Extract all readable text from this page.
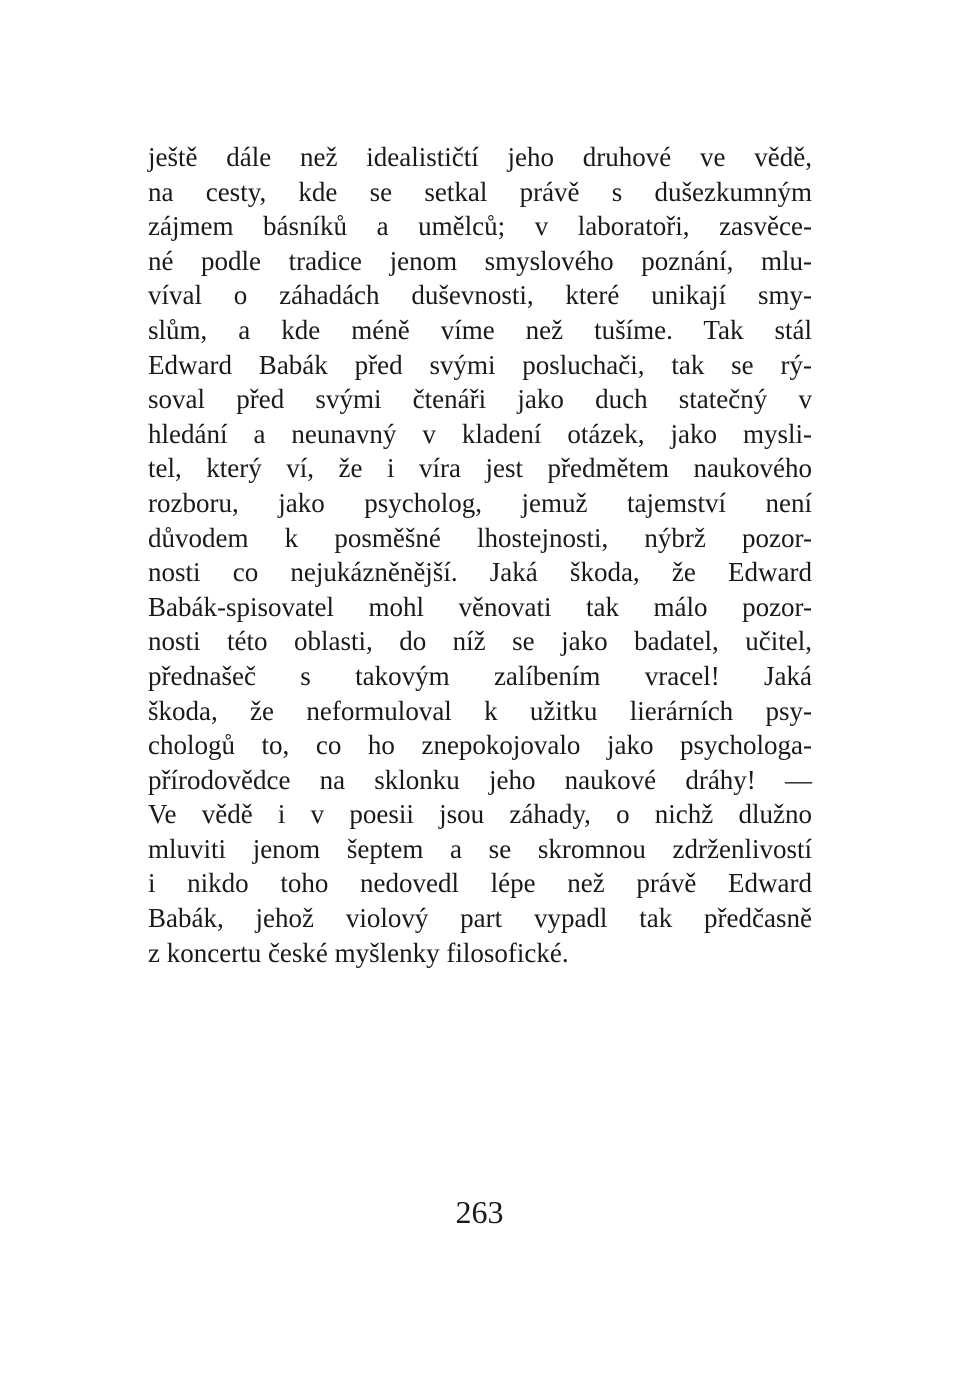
ještě dále než idealističtí jeho druhové ve vědě,
na cesty, kde se setkal právě s dušezkumným
zájmem básníků a umělců; v laboratoři, zasvěce-
né podle tradice jenom smyslového poznání, mlu-
víval o záhadách duševnosti, které unikají smy-
slům, a kde méně víme než tušíme. Tak stál
Edward Babák před svými posluchači, tak se rý-
soval před svými čtenáři jako duch statečný v
hledání a neunavný v kladení otázek, jako mysli-
tel, který ví, že i víra jest předmětem naukového
rozboru, jako psycholog, jemuž tajemství není
důvodem k posměšné lhostejnosti, nýbrž pozor-
nosti co nejukázněnější. Jaká škoda, že Edward
Babák-spisovatel mohl věnovati tak málo pozor-
nosti této oblasti, do níž se jako badatel, učitel,
přednašeč s takovým zalíbením vracel! Jaká
škoda, že neformuloval k užitku lierárních psy-
chologů to, co ho znepokojovalo jako psychologa-
přírodovědce na sklonku jeho naukové dráhy! —
Ve vědě i v poesii jsou záhady, o nichž dlužno
mluviti jenom šeptem a se skromnou zdrženlivostí
i nikdo toho nedovedl lépe než právě Edward
Babák, jehož violový part vypadl tak předčasně
z koncertu české myšlenky filosofické.
263
